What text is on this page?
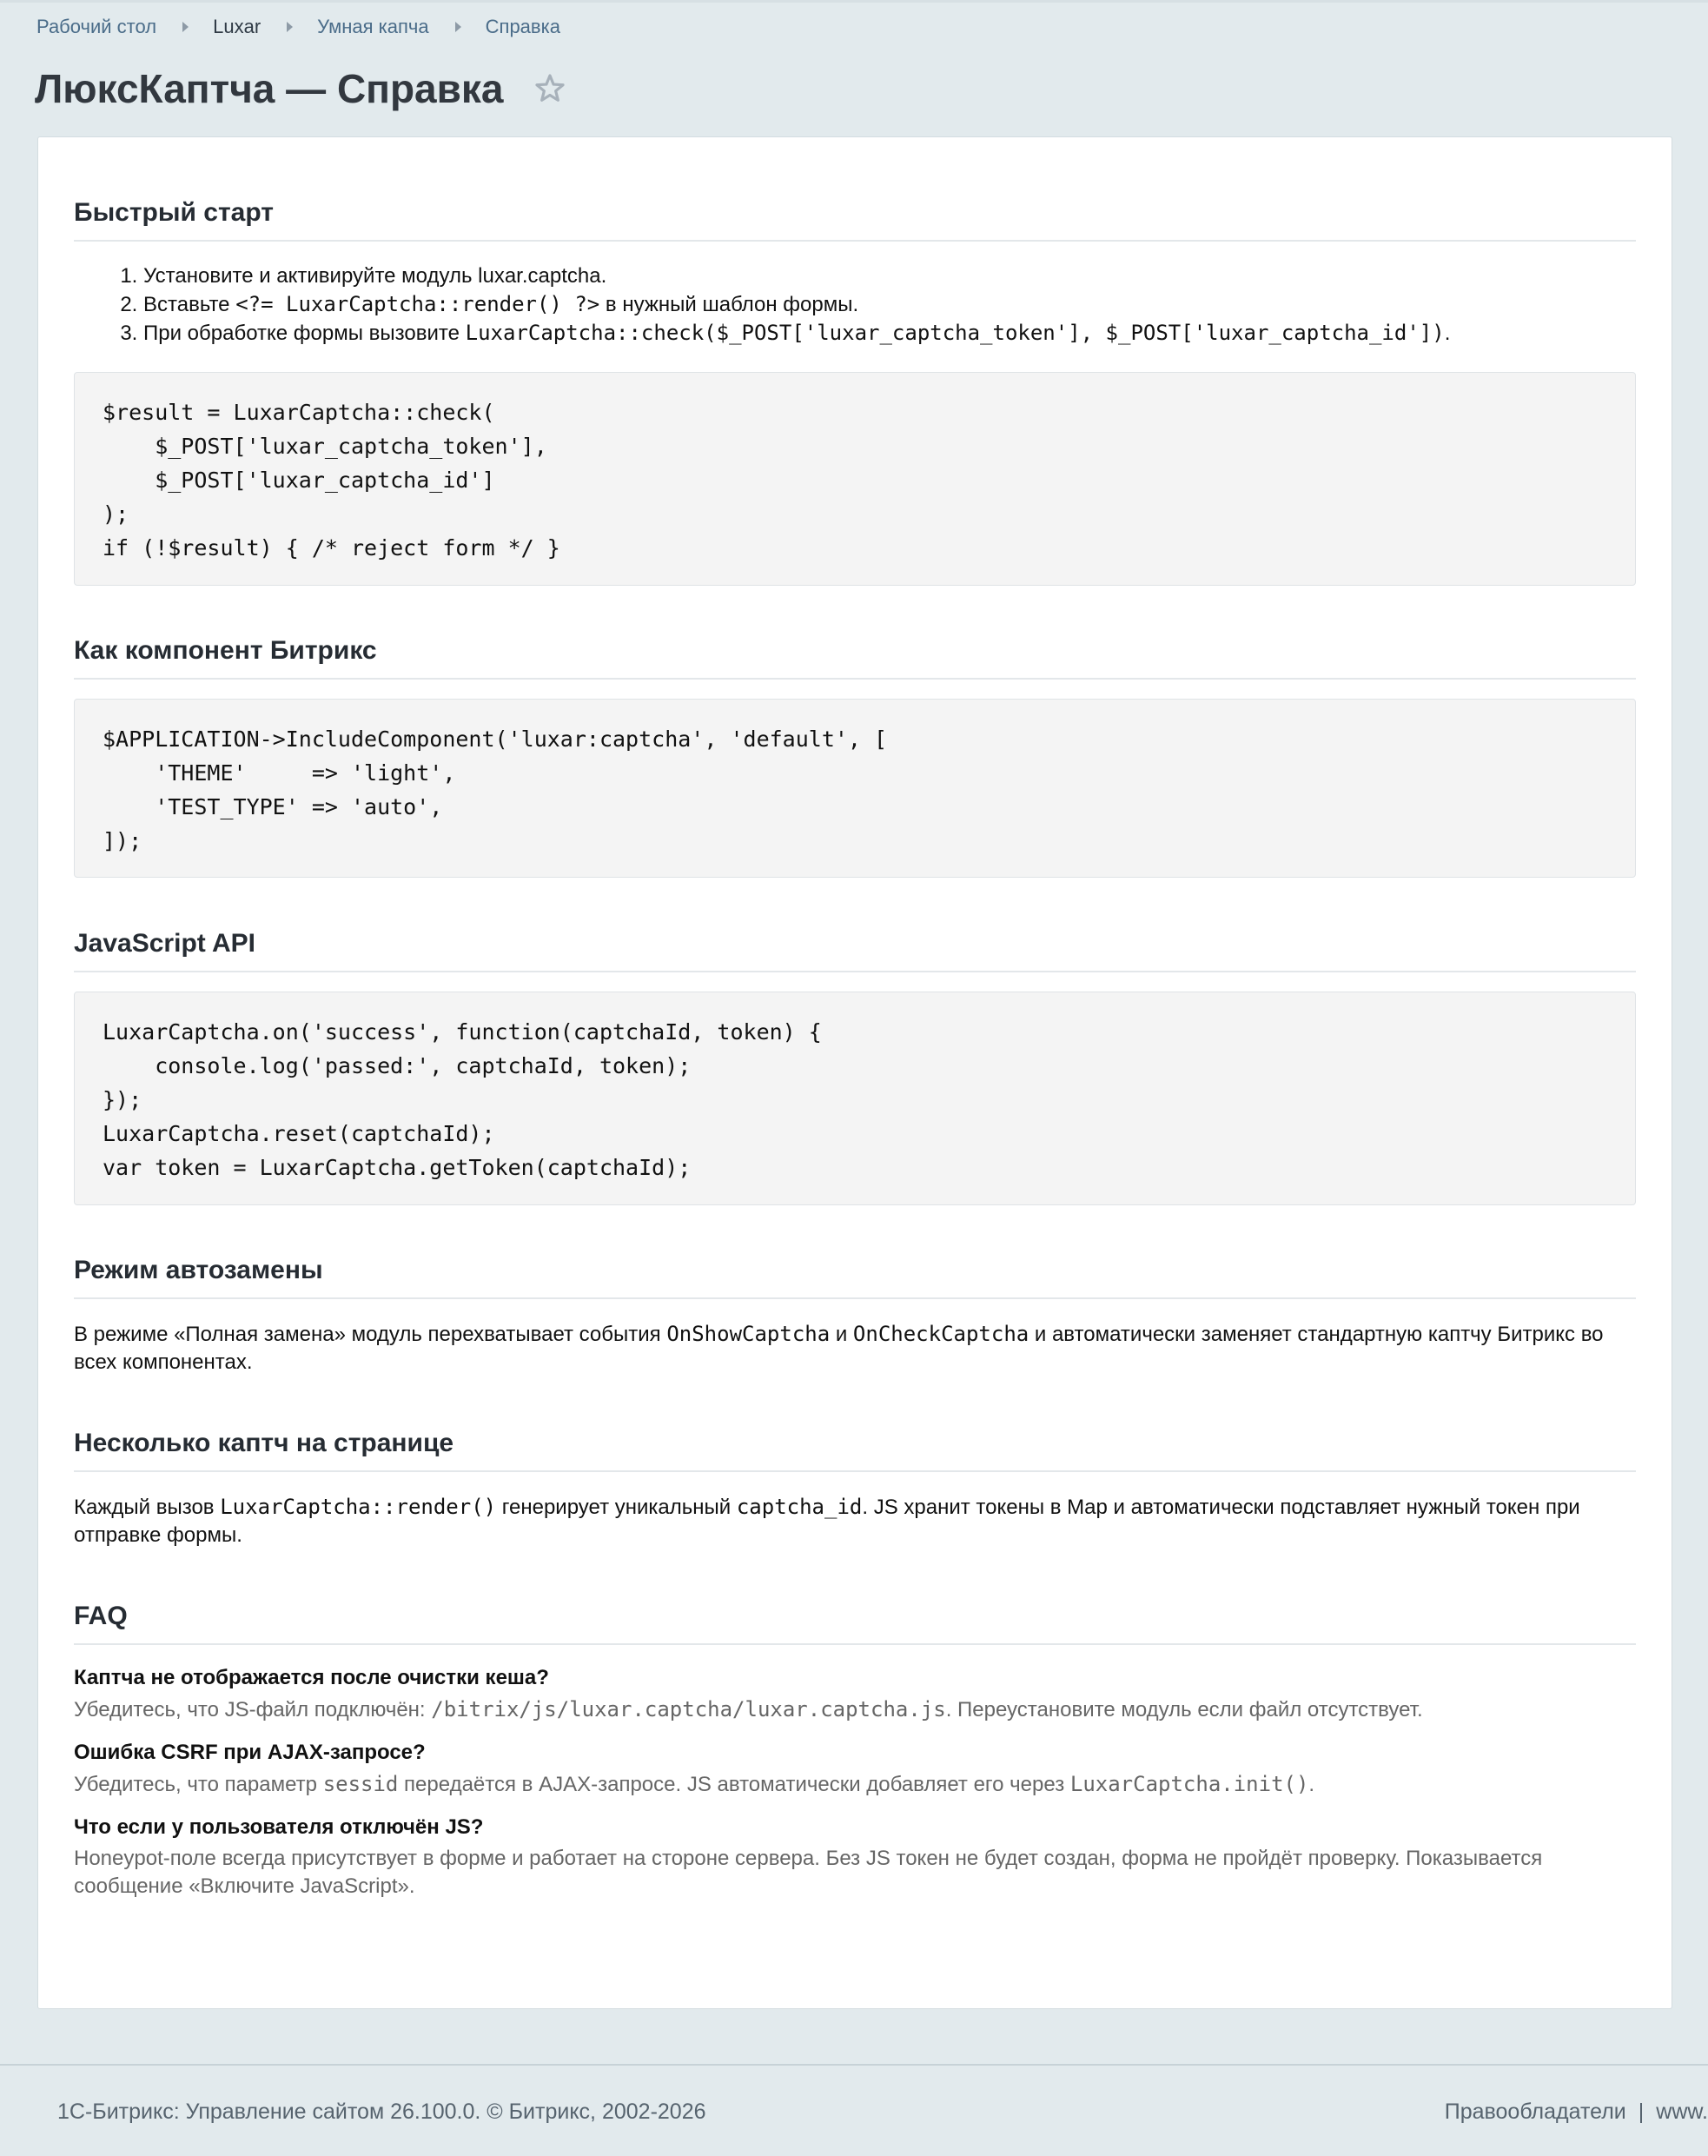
Рабочий стол	Luxar	Умная капча	Справка
ЛюксКаптча — Справка
Быстрый старт
1. Установите и активируйте модуль luxar.captcha.
2. Вставьте <?= LuxarCaptcha::render() ?> в нужный шаблон формы.
3. При обработке формы вызовите LuxarCaptcha::check($_POST['luxar_captcha_token'], $_POST['luxar_captcha_id']).
$result = LuxarCaptcha::check(
$_POST['luxar_captcha_token'],
$_POST['luxar_captcha_id']
);
if (!$result) { /* reject form */ }
Как компонент Битрикс
$APPLICATION->IncludeComponent('luxar:captcha', 'default', [
'THEME'     => 'light',
'TEST_TYPE' => 'auto',
]);
JavaScript API
LuxarCaptcha.on('success', function(captchaId, token) {
console.log('passed:', captchaId, token);
});
LuxarCaptcha.reset(captchaId);
var token = LuxarCaptcha.getToken(captchaId);
Режим автозамены

В режиме «Полная замена» модуль перехватывает события OnShowCaptcha и OnCheckCaptcha и автоматически заменяет стандартную каптчу Битрикс во всех компонентах.

Несколько каптч на странице

Каждый вызов LuxarCaptcha::render() генерирует уникальный captcha_id. JS хранит токены в Map и автоматически подставляет нужный токен при отправке формы.

FAQ

Каптча не отображается после очистки кеша?

Убедитесь, что JS-файл подключён: /bitrix/js/luxar.captcha/luxar.captcha.js. Переустановите модуль если файл отсутствует.

Ошибка CSRF при AJAX-запросе?

Убедитесь, что параметр sessid передаётся в AJAX-запросе. JS автоматически добавляет его через LuxarCaptcha.init().

Что если у пользователя отключён JS?

Honeypot-поле всегда присутствует в форме и работает на стороне сервера. Без JS токен не будет создан, форма не пройдёт проверку. Показывается сообщение «Включите JavaScript».

1С-Битрикс: Управление сайтом 26.100.0. © Битрикс, 2002-2026	Правообладатели | www.
